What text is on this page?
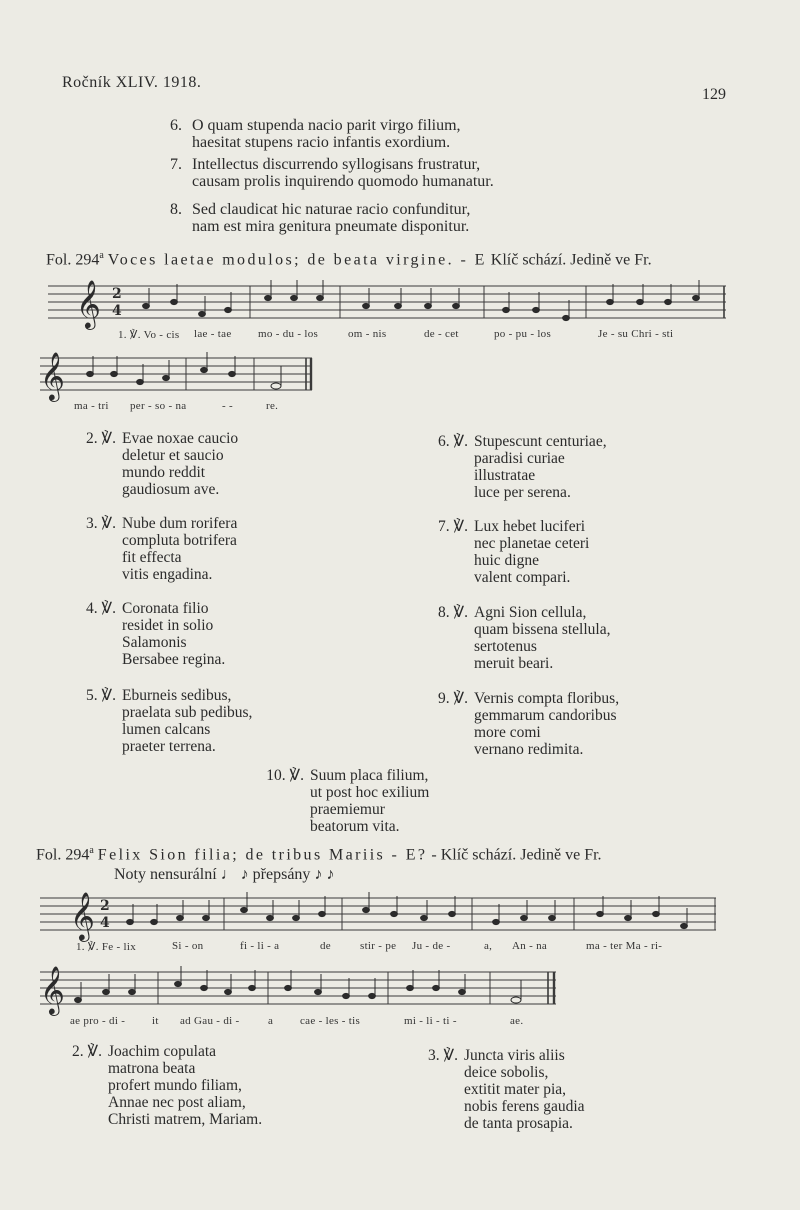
Ročník XLIV. 1918.
129
6. O quam stupenda nacio parit virgo filium,
haesitat stupens racio infantis exordium.
7. Intellectus discurrendo syllogisans frustratur,
causam prolis inquirendo quomodo humanatur.
8. Sed claudicat hic naturae racio confunditur,
nam est mira genitura pneumate disponitur.
Fol. 294$^a$ Voces laetae modulos; de beata virgine. - E Klíč schází. Jedině ve Fr.
𝄞
𝄞
𝄞
𝄞
2
4
2
4
1. ℣. Vo - cis lae - tae mo - du - los	om - nis	de - cet	po - pu - los	Je - su Chri - sti
ma - tri per - so - na	- -	re.
2. ℣. Evae noxae caucio
deletur et saucio
mundo reddit
gaudiosum ave.
3. ℣. Nube dum rorifera
compluta botrifera
fit effecta
vitis engadina.
4. ℣. Coronata filio
residet in solio
Salamonis
Bersabee regina.
5. ℣. Eburneis sedibus,
praelata sub pedibus,
lumen calcans
praeter terrena.
6. ℣. Stupescunt centuriae,
paradisi curiae
illustratae
luce per serena.
7. ℣. Lux hebet luciferi
nec planetae ceteri
huic digne
valent compari.
8. ℣. Agni Sion cellula,
quam bissena stellula,
sertotenus
meruit beari.
9. ℣. Vernis compta floribus,
gemmarum candoribus
more comi
vernano redimita.
10. ℣. Suum placa filium,
ut post hoc exilium
praemiemur
beatorum vita.
Fol. 294$^a$ Felix Sion filia; de tribus Mariis - E? - Klíč schází. Jedině ve Fr.
Noty nensurální ♩ ♪ přepsány ♪ ♪
1. ℣. Fe - lix	Si - on	fi - li - a	de	stir - pe Ju - de -	a, An - na	ma - ter Ma - ri-
ae pro - di - it ad Gau - di -	a cae - les - tis	mi - li - ti -	ae.
2. ℣. Joachim copulata
matrona beata
profert mundo filiam,
Annae nec post aliam,
Christi matrem, Mariam.
3. ℣. Juncta viris aliis
deice sobolis,
extitit mater pia,
nobis ferens gaudia
de tanta prosapia.
